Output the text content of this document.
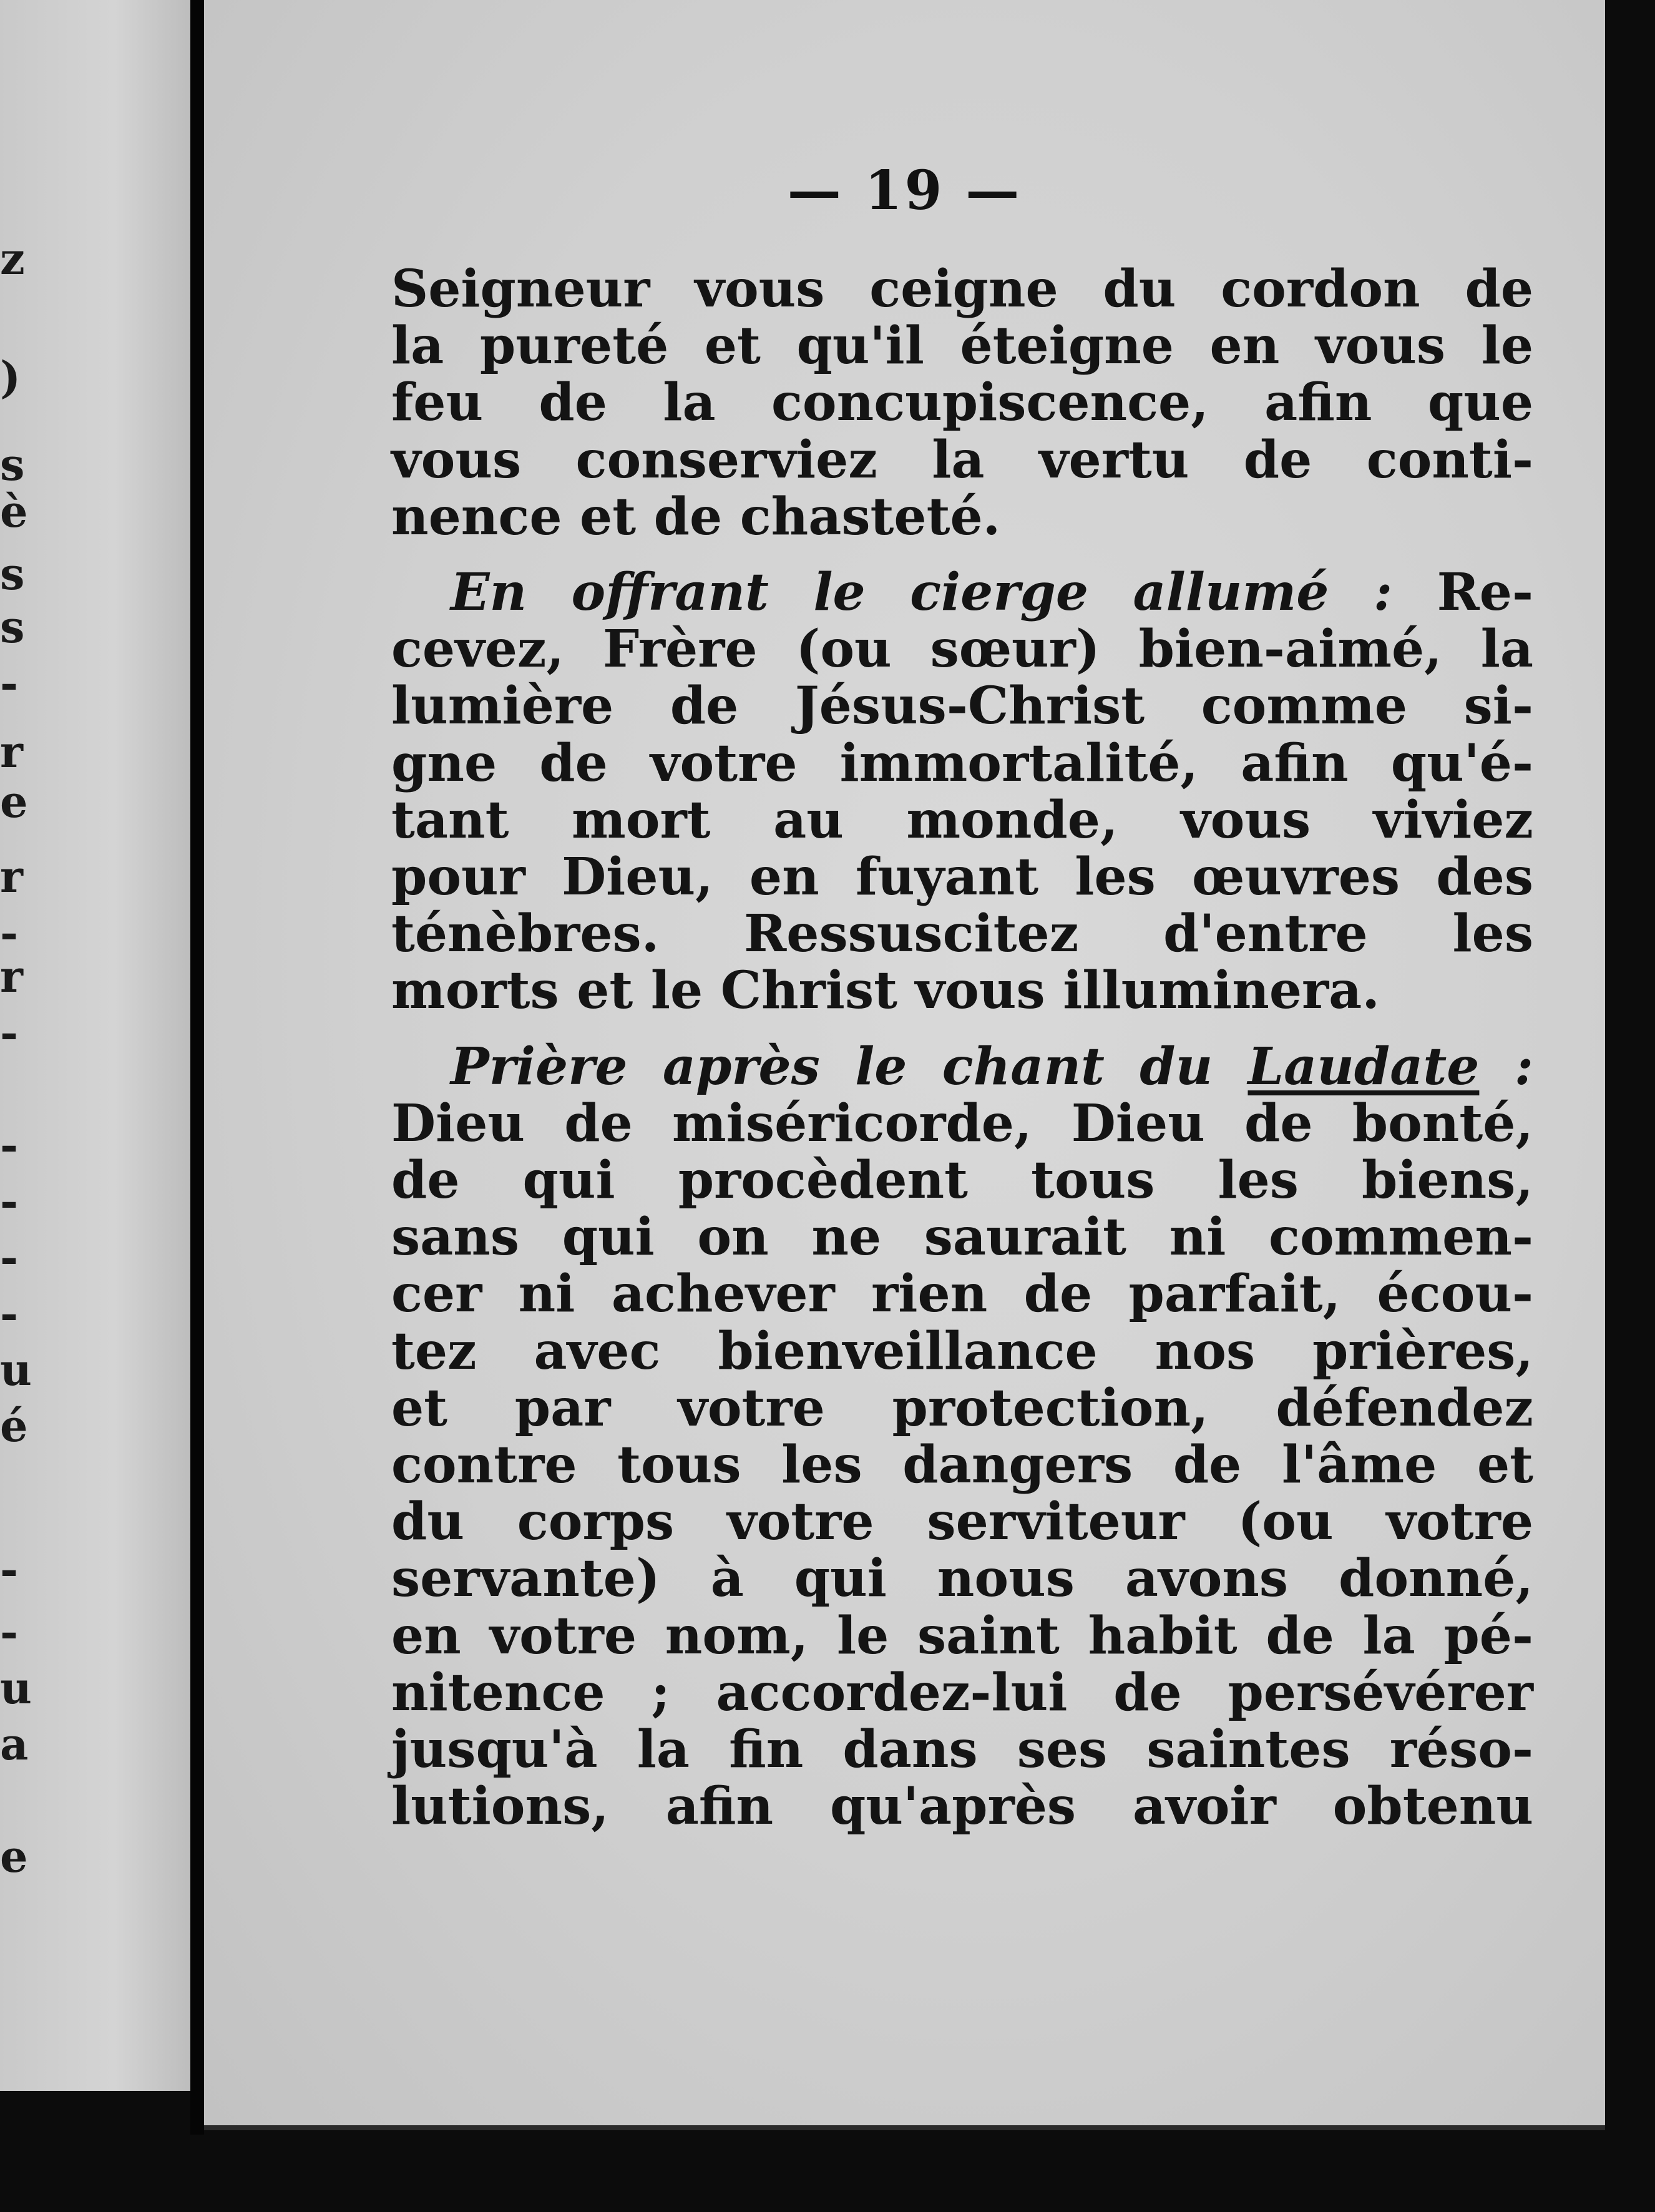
z
)
s
è
s
s
-
r
e
r
-
r
-
-
-
-
-
u
é
-
-
u
a
e
— 19 —
Seigneur vous ceigne du cordon de
la pureté et qu'il éteigne en vous le
feu de la concupiscence, afin que
vous conserviez la vertu de conti-
nence et de chasteté.
En offrant le cierge allumé : Re-
cevez, Frère (ou sœur) bien-aimé, la
lumière de Jésus-Christ comme si-
gne de votre immortalité, afin qu'é-
tant mort au monde, vous viviez
pour Dieu, en fuyant les œuvres des
ténèbres. Ressuscitez d'entre les
morts et le Christ vous illuminera.
Prière après le chant du Laudate :
Dieu de miséricorde, Dieu de bonté,
de qui procèdent tous les biens,
sans qui on ne saurait ni commen-
cer ni achever rien de parfait, écou-
tez avec bienveillance nos prières,
et par votre protection, défendez
contre tous les dangers de l'âme et
du corps votre serviteur (ou votre
servante) à qui nous avons donné,
en votre nom, le saint habit de la pé-
nitence ; accordez-lui de persévérer
jusqu'à la fin dans ses saintes réso-
lutions, afin qu'après avoir obtenu
